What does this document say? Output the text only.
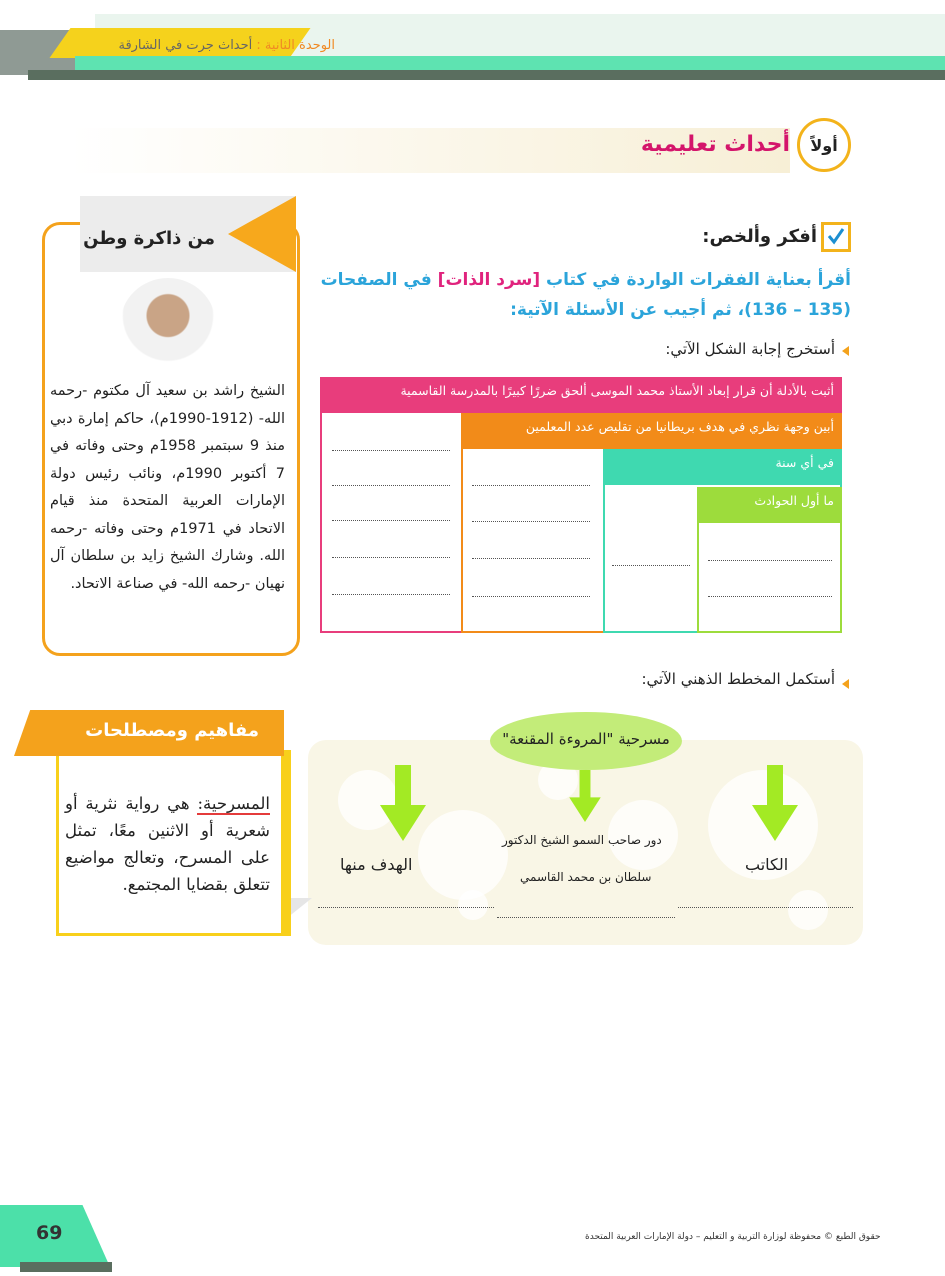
الوحدة الثانية : أحداث جرت في الشارقة
أولاً
أحداث تعليمية
من ذاكرة وطن
الشيخ راشد بن سعيد آل مكتوم -رحمه الله- (1912-1990م)، حاكم إمارة دبي منذ 9 سبتمبر 1958م وحتى وفاته في 7 أكتوبر 1990م، ونائب رئيس دولة الإمارات العربية المتحدة منذ قيام الاتحاد في 1971م وحتى وفاته -رحمه الله. وشارك الشيخ زايد بن سلطان آل نهيان -رحمه الله- في صناعة الاتحاد.
أفكر وألخص:
أقرأ بعناية الفقرات الواردة في كتاب [سرد الذات] في الصفحات
(135 – 136)، ثم أجيب عن الأسئلة الآتية:
أستخرج إجابة الشكل الآتي:
أثبت بالأدلة أن قرار إبعاد الأستاذ محمد الموسى ألحق ضررًا كبيرًا بالمدرسة القاسمية
أبين وجهة نظري في هدف بريطانيا من تقليص عدد المعلمين
في أي سنة
ما أول الحوادث
أستكمل المخطط الذهني الآتي:
مسرحية "المروءة المقنعة"
الكاتب
دور صاحب السمو الشيخ الدكتور
سلطان بن محمد القاسمي
الهدف منها
مفاهيم ومصطلحات
المسرحية: هي رواية نثرية أو شعرية أو الاثنين معًا، تمثل على المسرح، وتعالج مواضيع تتعلق بقضايا المجتمع.
69	حقوق الطبع © محفوظة لوزارة التربية و التعليم – دولة الإمارات العربية المتحدة
